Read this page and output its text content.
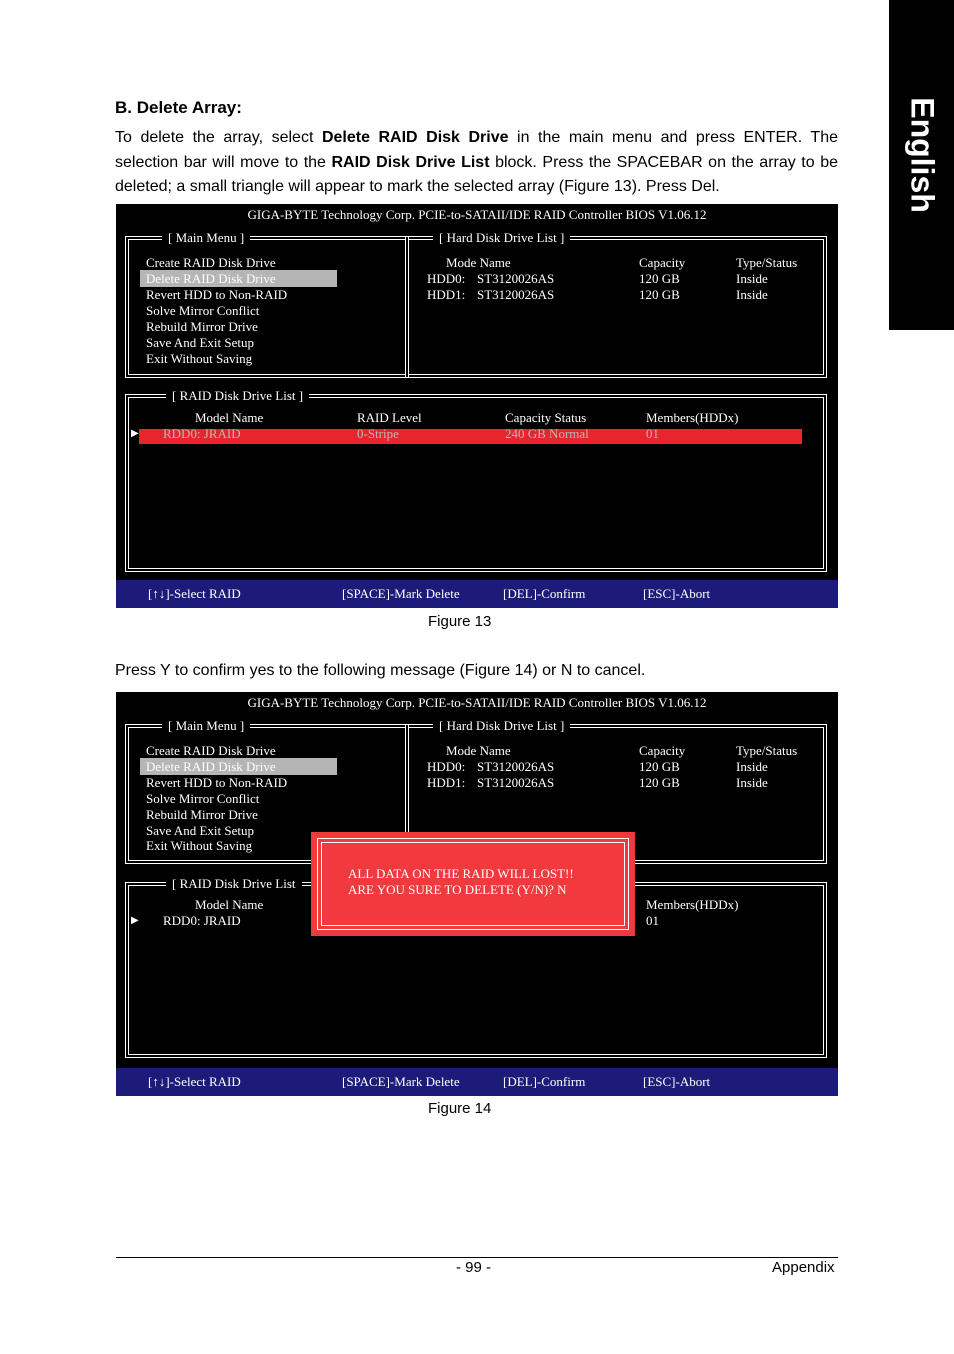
English
B. Delete Array:
To delete the array, select Delete RAID Disk Drive in the main menu and press ENTER. The selection bar will move to the RAID Disk Drive List block. Press the SPACEBAR on the array to be deleted; a small triangle will appear to mark the selected array (Figure 13). Press Del.
GIGA-BYTE Technology Corp. PCIE-to-SATAII/IDE RAID Controller BIOS V1.06.12
[ Main Menu ]
Create RAID Disk Drive
Delete RAID Disk Drive
Revert HDD to Non-RAID
Solve Mirror Conflict
Rebuild Mirror Drive
Save And Exit Setup
Exit Without Saving
[ Hard Disk Drive List ]
Mode Name	Capacity	Type/Status
HDD0: ST3120026AS	120 GB	Inside
HDD1: ST3120026AS	120 GB	Inside
[ RAID Disk Drive List ]
Model Name	RAID Level	Capacity Status	Members(HDDx)
▶ RDD0: JRAID	0-Stripe	240 GB Normal	01
[↑↓]-Select RAID	[SPACE]-Mark Delete	[DEL]-Confirm	[ESC]-Abort
Figure 13
Press Y to confirm yes to the following message (Figure 14) or N to cancel.
GIGA-BYTE Technology Corp. PCIE-to-SATAII/IDE RAID Controller BIOS V1.06.12
[ Main Menu ]
Create RAID Disk Drive
Delete RAID Disk Drive
Revert HDD to Non-RAID
Solve Mirror Conflict
Rebuild Mirror Drive
Save And Exit Setup
Exit Without Saving
[ Hard Disk Drive List ]
Mode Name	Capacity	Type/Status
HDD0: ST3120026AS	120 GB	Inside
HDD1: ST3120026AS	120 GB	Inside
[ RAID Disk Drive List
Model Name	Members(HDDx)
▶ RDD0: JRAID	01
[↑↓]-Select RAID	[SPACE]-Mark Delete	[DEL]-Confirm	[ESC]-Abort
ALL DATA ON THE RAID WILL LOST!!
ARE YOU SURE TO DELETE (Y/N)? N
Figure 14
- 99 -	Appendix
